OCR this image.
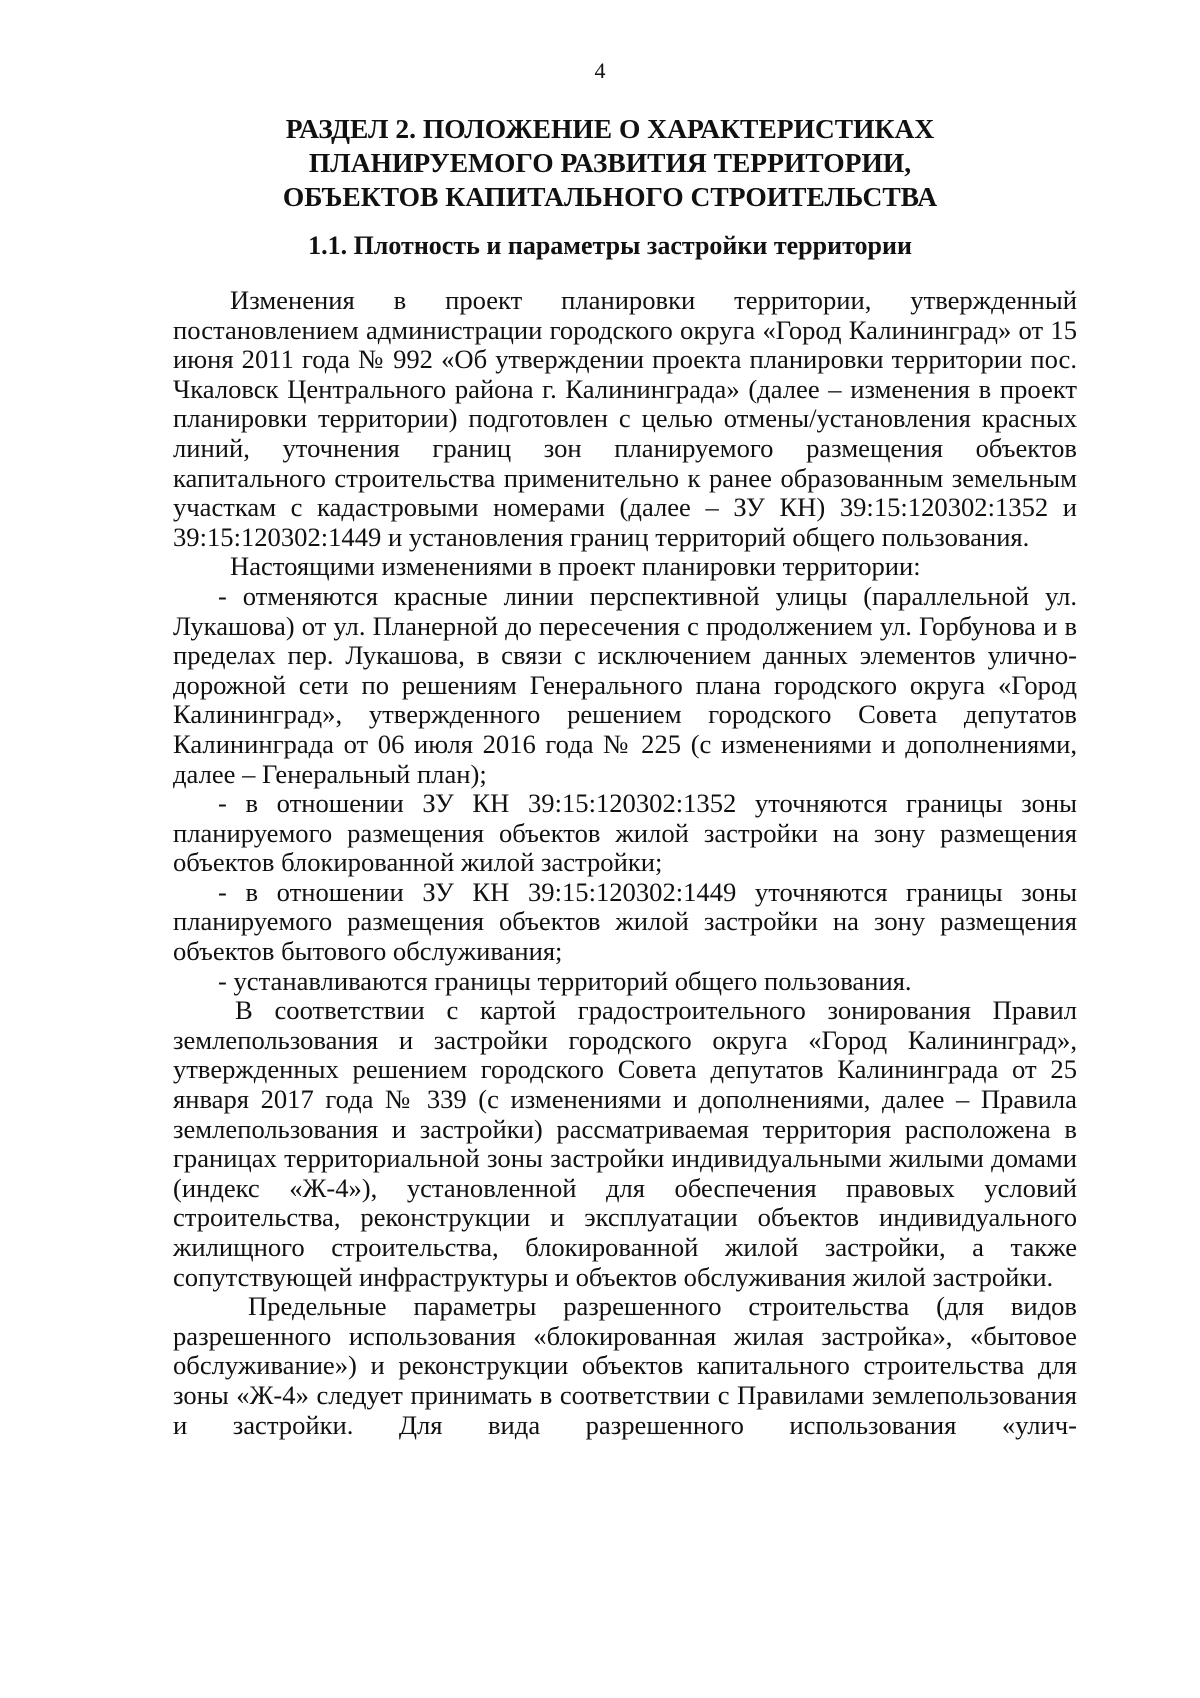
4
РАЗДЕЛ 2. ПОЛОЖЕНИЕ О ХАРАКТЕРИСТИКАХ
ПЛАНИРУЕМОГО РАЗВИТИЯ ТЕРРИТОРИИ,
ОБЪЕКТОВ КАПИТАЛЬНОГО СТРОИТЕЛЬСТВА
1.1. Плотность и параметры застройки территории

Изменения в проект планировки территории, утвержденный постановлением администрации городского округа «Город Калининград» от 15 июня 2011 года № 992 «Об утверждении проекта планировки территории пос. Чкаловск Центрального района г. Калининграда» (далее – изменения в проект планировки территории) подготовлен с целью отмены/установления красных линий, уточнения границ зон планируемого размещения объектов капитального строительства применительно к ранее образованным земельным участкам с кадастровыми номерами (далее – ЗУ КН) 39:15:120302:1352 и 39:15:120302:1449 и установления границ территорий общего пользования.

Настоящими изменениями в проект планировки территории:

- отменяются красные линии перспективной улицы (параллельной ул. Лукашова) от ул. Планерной до пересечения с продолжением ул. Горбунова и в пределах пер. Лукашова, в связи с исключением данных элементов улично-дорожной сети по решениям Генерального плана городского округа «Город Калининград», утвержденного решением городского Совета депутатов Калининграда от 06 июля 2016 года № 225 (с изменениями и дополнениями, далее – Генеральный план);

- в отношении ЗУ КН 39:15:120302:1352 уточняются границы зоны планируемого размещения объектов жилой застройки на зону размещения объектов блокированной жилой застройки;

- в отношении ЗУ КН 39:15:120302:1449 уточняются границы зоны планируемого размещения объектов жилой застройки на зону размещения объектов бытового обслуживания;

- устанавливаются границы территорий общего пользования.

В соответствии с картой градостроительного зонирования Правил землепользования и застройки городского округа «Город Калининград», утвержденных решением городского Совета депутатов Калининграда от 25 января 2017 года № 339 (с изменениями и дополнениями, далее – Правила землепользования и застройки) рассматриваемая территория расположена в границах территориальной зоны застройки индивидуальными жилыми домами (индекс «Ж-4»), установленной для обеспечения правовых условий строительства, реконструкции и эксплуатации объектов индивидуального жилищного строительства, блокированной жилой застройки, а также сопутствующей инфраструктуры и объектов обслуживания жилой застройки.

Предельные параметры разрешенного строительства (для видов разрешенного использования «блокированная жилая застройка», «бытовое обслуживание») и реконструкции объектов капитального строительства для зоны «Ж-4» следует принимать в соответствии с Правилами землепользования и застройки. Для вида разрешенного использования «улич-
